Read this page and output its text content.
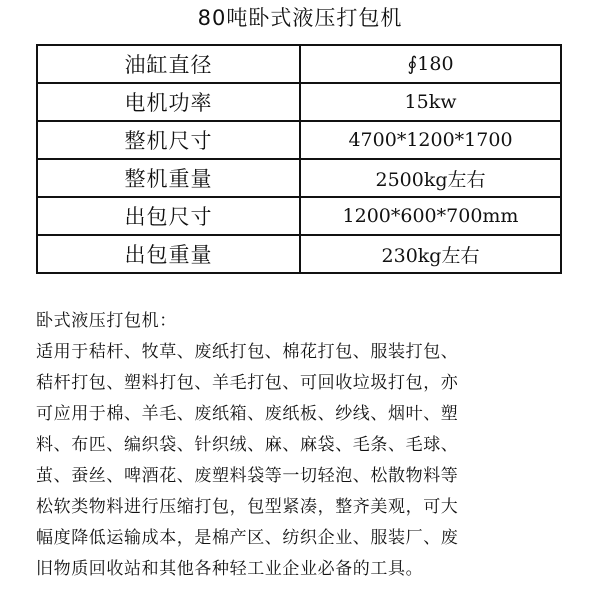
80吨卧式液压打包机
油缸直径	∮180
电机功率	15kw
整机尺寸	4700*1200*1700
整机重量	2500kg左右
出包尺寸	1200*600*700mm
出包重量	230kg左右
卧式液压打包机：
适用于秸杆、牧草、废纸打包、棉花打包、服装打包、
秸杆打包、塑料打包、羊毛打包、可回收垃圾打包，亦
可应用于棉、羊毛、废纸箱、废纸板、纱线、烟叶、塑
料、布匹、编织袋、针织绒、麻、麻袋、毛条、毛球、
茧、蚕丝、啤酒花、废塑料袋等一切轻泡、松散物料等
松软类物料进行压缩打包，包型紧凑，整齐美观，可大
幅度降低运输成本，是棉产区、纺织企业、服装厂、废
旧物质回收站和其他各种轻工业企业必备的工具。
